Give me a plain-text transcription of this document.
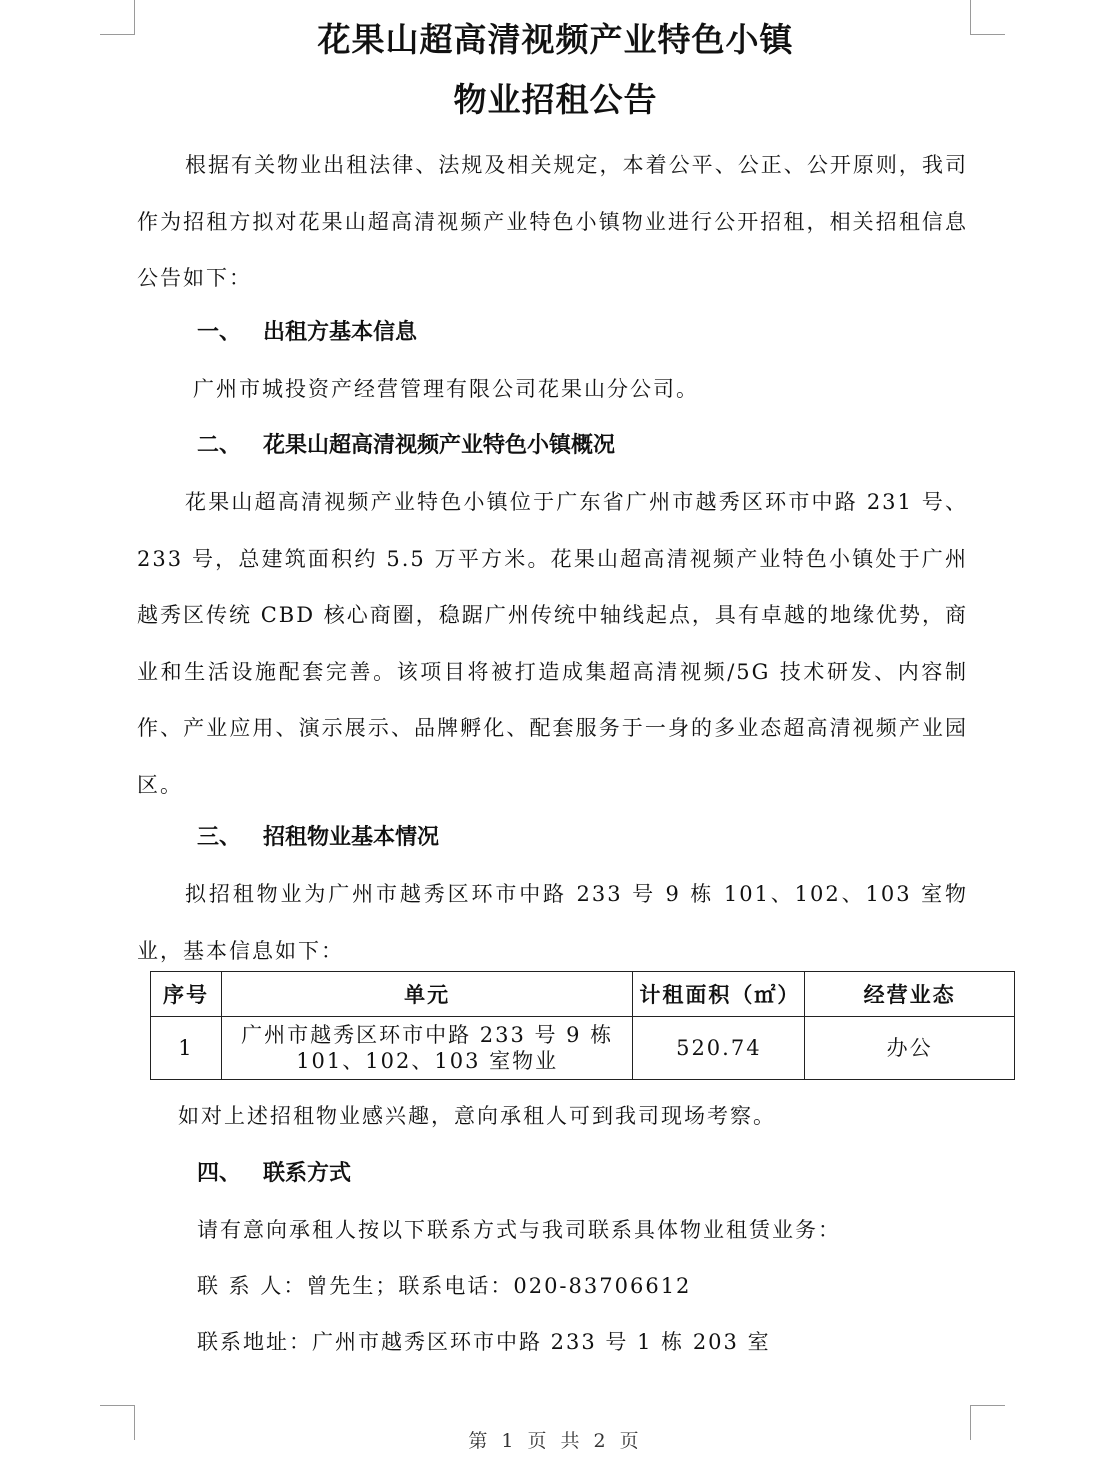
花果山超高清视频产业特色小镇
物业招租公告

根据有关物业出租法律、法规及相关规定，本着公平、公正、公开原则，我司作为招租方拟对花果山超高清视频产业特色小镇物业进行公开招租，相关招租信息公告如下：

一、 出租方基本信息
广州市城投资产经营管理有限公司花果山分公司。
二、 花果山超高清视频产业特色小镇概况

花果山超高清视频产业特色小镇位于广东省广州市越秀区环市中路 231 号、233 号，总建筑面积约 5.5 万平方米。花果山超高清视频产业特色小镇处于广州越秀区传统 CBD 核心商圈，稳踞广州传统中轴线起点，具有卓越的地缘优势，商业和生活设施配套完善。该项目将被打造成集超高清视频/5G 技术研发、内容制作、产业应用、演示展示、品牌孵化、配套服务于一身的多业态超高清视频产业园区。

三、 招租物业基本情况

拟招租物业为广州市越秀区环市中路 233 号 9 栋 101、102、103 室物业，基本信息如下：

序号	单元	计租面积（㎡）	经营业态
1	广州市越秀区环市中路 233 号 9 栋 101、102、103 室物业	520.74	办公
如对上述招租物业感兴趣，意向承租人可到我司现场考察。
四、 联系方式
请有意向承租人按以下联系方式与我司联系具体物业租赁业务：
联 系 人：曾先生；联系电话：020-83706612
联系地址：广州市越秀区环市中路 233 号 1 栋 203 室
第 1 页 共 2 页
